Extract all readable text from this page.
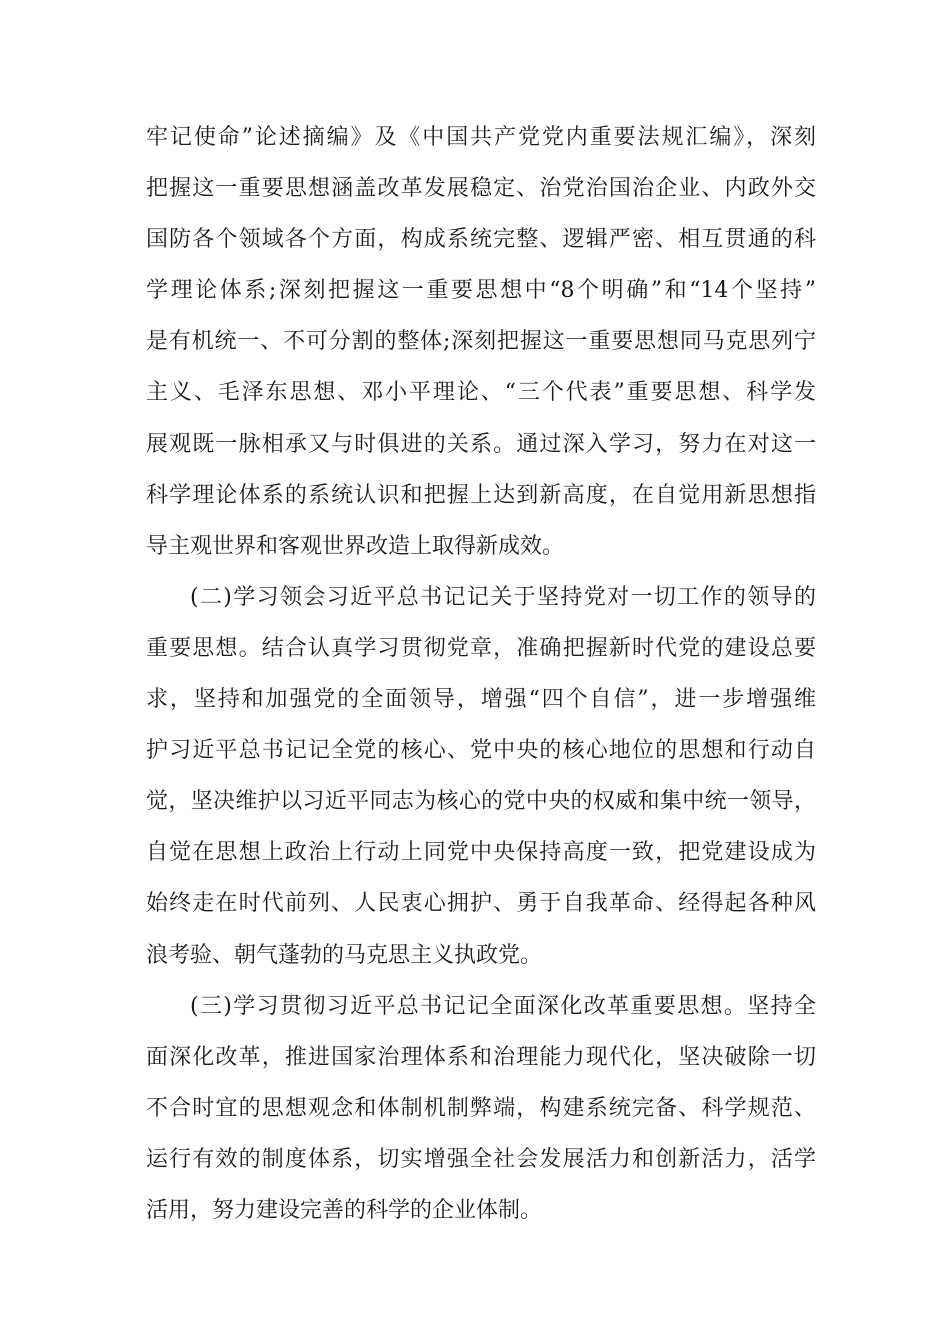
牢记使命”论述摘编》及《中国共产党党内重要法规汇编》，深刻
把握这一重要思想涵盖改革发展稳定、治党治国治企业、内政外交
国防各个领域各个方面，构成系统完整、逻辑严密、相互贯通的科
学理论体系;深刻把握这一重要思想中“8个明确”和“14个坚持”
是有机统一、不可分割的整体;深刻把握这一重要思想同马克思列宁
主义、毛泽东思想、邓小平理论、“三个代表”重要思想、科学发
展观既一脉相承又与时俱进的关系。通过深入学习，努力在对这一
科学理论体系的系统认识和把握上达到新高度，在自觉用新思想指
导主观世界和客观世界改造上取得新成效。
(二)学习领会习近平总书记记关于坚持党对一切工作的领导的
重要思想。结合认真学习贯彻党章，准确把握新时代党的建设总要
求，坚持和加强党的全面领导，增强“四个自信”，进一步增强维
护习近平总书记记全党的核心、党中央的核心地位的思想和行动自
觉，坚决维护以习近平同志为核心的党中央的权威和集中统一领导，
自觉在思想上政治上行动上同党中央保持高度一致，把党建设成为
始终走在时代前列、人民衷心拥护、勇于自我革命、经得起各种风
浪考验、朝气蓬勃的马克思主义执政党。
(三)学习贯彻习近平总书记记全面深化改革重要思想。坚持全
面深化改革，推进国家治理体系和治理能力现代化，坚决破除一切
不合时宜的思想观念和体制机制弊端，构建系统完备、科学规范、
运行有效的制度体系，切实增强全社会发展活力和创新活力，活学
活用，努力建设完善的科学的企业体制。
